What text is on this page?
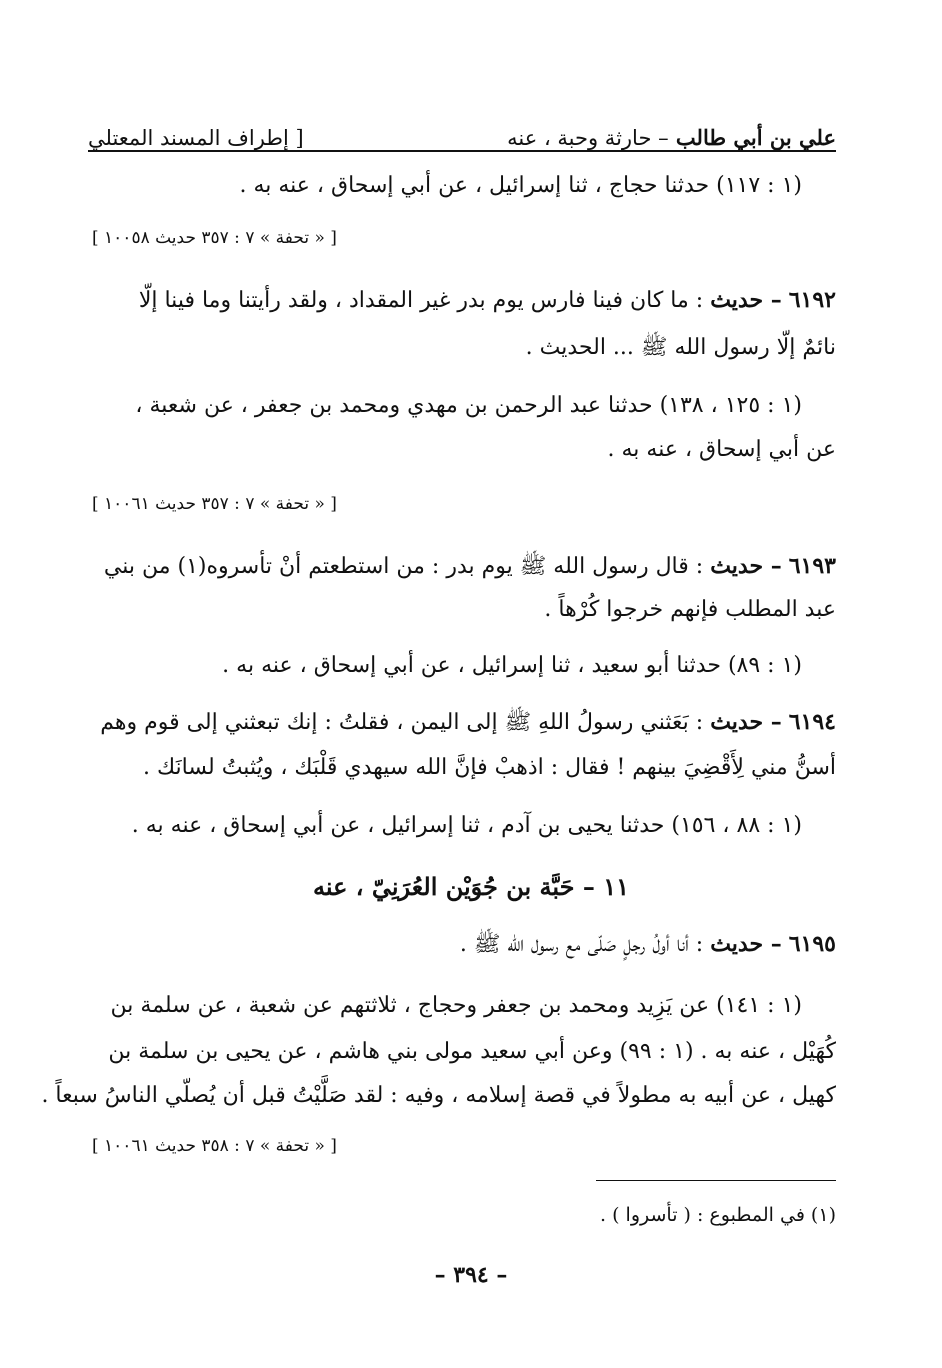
علي بن أبي طالب – حارثة وحبة ، عنه
[ إطراف المسند المعتلي
(١ : ١١٧) حدثنا حجاج ، ثنا إسرائيل ، عن أبي إسحاق ، عنه به .
[ « تحفة » ٧ : ٣٥٧ حديث ١٠٠٥٨ ]
٦١٩٢ – حديث : ما كان فينا فارس يوم بدر غير المقداد ، ولقد رأيتنا وما فينا إلّا
نائمٌ إلّا رسول الله ﷺ ... الحديث .
(١ : ١٢٥ ، ١٣٨) حدثنا عبد الرحمن بن مهدي ومحمد بن جعفر ، عن شعبة ،
عن أبي إسحاق ، عنه به .
[ « تحفة » ٧ : ٣٥٧ حديث ١٠٠٦١ ]
٦١٩٣ – حديث : قال رسول الله ﷺ يوم بدر : من استطعتم أنْ تأسروه(١) من بني
عبد المطلب فإنهم خرجوا كُرْهاً .
(١ : ٨٩) حدثنا أبو سعيد ، ثنا إسرائيل ، عن أبي إسحاق ، عنه به .
٦١٩٤ – حديث : بَعَثني رسولُ اللهِ ﷺ إلى اليمن ، فقلتُ : إنك تبعثني إلى قوم وهم
أسنُّ مني لِأَقْضِيَ بينهم ! فقال : اذهبْ فإنَّ الله سيهدي قَلْبَك ، ويُثبتُ لسانَك .
(١ : ٨٨ ، ١٥٦) حدثنا يحيى بن آدم ، ثنا إسرائيل ، عن أبي إسحاق ، عنه به .
١١ – حَبَّة بن جُوَيْن العُرَنِيّ ، عنه
٦١٩٥ – حديث : أنا أولُ رجلٍ صَلّى مع رسول الله ﷺ .
(١ : ١٤١) عن يَزِيد ومحمد بن جعفر وحجاج ، ثلاثتهم عن شعبة ، عن سلمة بن
كُهَيْل ، عنه به . (١ : ٩٩) وعن أبي سعيد مولى بني هاشم ، عن يحيى بن سلمة بن
كهيل ، عن أبيه به مطولاً في قصة إسلامه ، وفيه : لقد صَلَّيْتُ قبل أن يُصلّي الناسُ سبعاً .
[ « تحفة » ٧ : ٣٥٨ حديث ١٠٠٦١ ]
(١) في المطبوع : ( تأسروا ) .
– ٣٩٤ –
